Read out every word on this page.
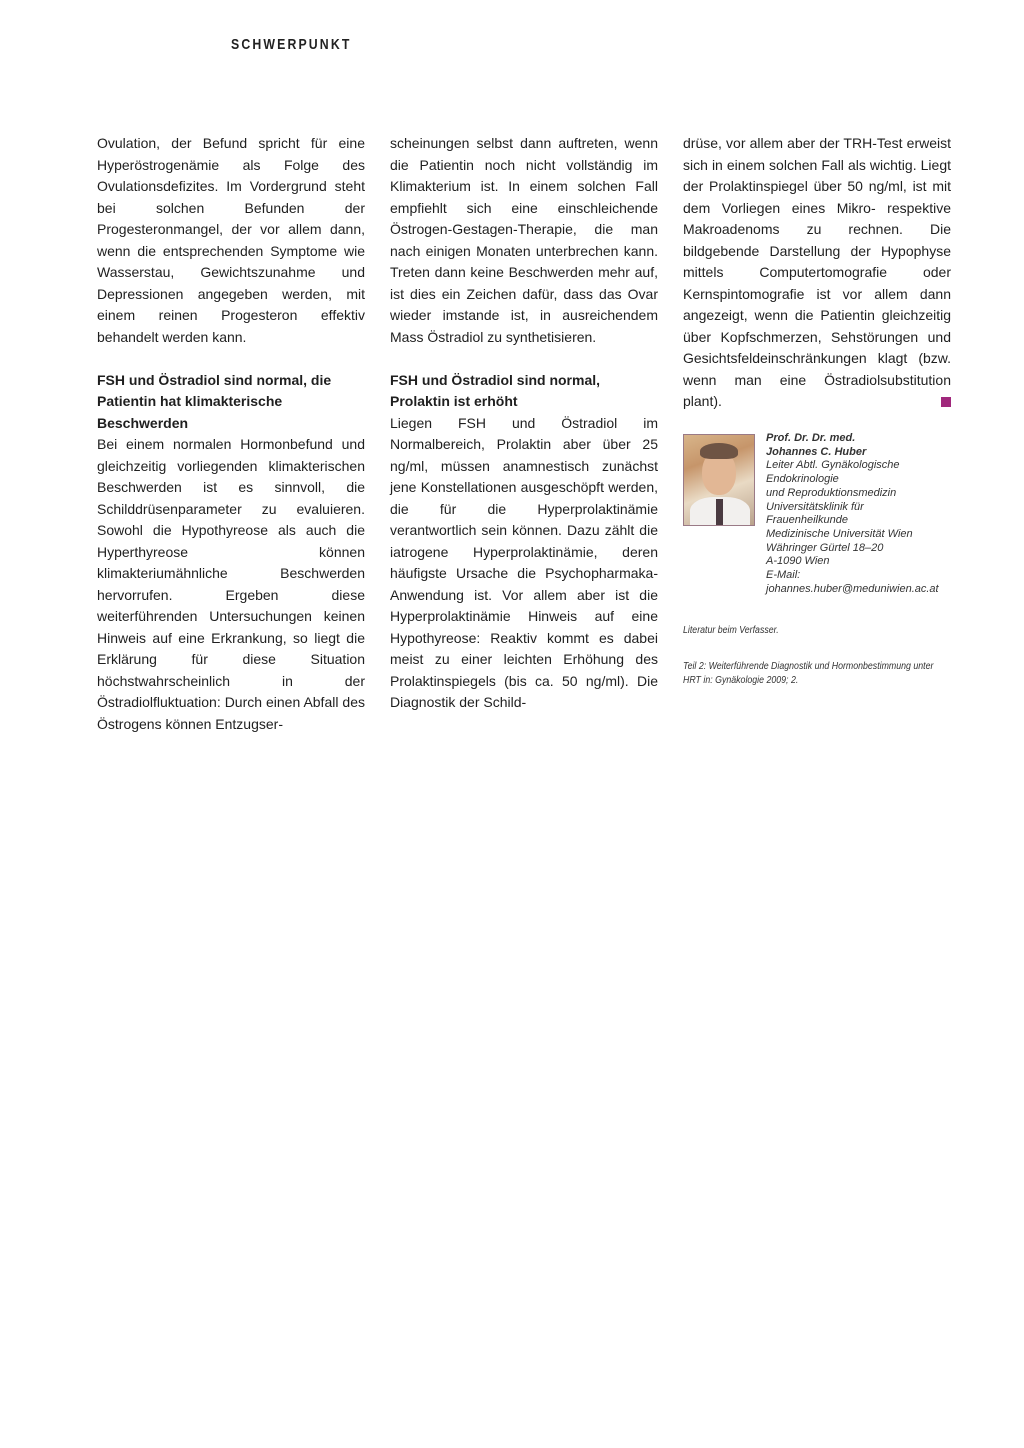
SCHWERPUNKT

Ovulation, der Befund spricht für eine Hyperöstrogenämie als Folge des Ovulationsdefizites. Im Vordergrund steht bei solchen Befunden der Progesteronmangel, der vor allem dann, wenn die entsprechenden Symptome wie Wasserstau, Gewichtszunahme und Depressionen angegeben werden, mit einem reinen Progesteron effektiv behandelt werden kann.

FSH und Östradiol sind normal, die Patientin hat klimakterische Beschwerden

Bei einem normalen Hormonbefund und gleichzeitig vorliegenden klimakterischen Beschwerden ist es sinnvoll, die Schilddrüsenparameter zu evaluieren. Sowohl die Hypothyreose als auch die Hyperthyreose können klimakteriumähnliche Beschwerden hervorrufen. Ergeben diese weiterführenden Untersuchungen keinen Hinweis auf eine Erkrankung, so liegt die Erklärung für diese Situation höchstwahrscheinlich in der Östradiolfluktuation: Durch einen Abfall des Östrogens können Entzugser-

scheinungen selbst dann auftreten, wenn die Patientin noch nicht vollständig im Klimakterium ist. In einem solchen Fall empfiehlt sich eine einschleichende Östrogen-Gestagen-Therapie, die man nach einigen Monaten unterbrechen kann. Treten dann keine Beschwerden mehr auf, ist dies ein Zeichen dafür, dass das Ovar wieder imstande ist, in ausreichendem Mass Östradiol zu synthetisieren.

FSH und Östradiol sind normal, Prolaktin ist erhöht

Liegen FSH und Östradiol im Normalbereich, Prolaktin aber über 25 ng/ml, müssen anamnestisch zunächst jene Konstellationen ausgeschöpft werden, die für die Hyperprolaktinämie verantwortlich sein können. Dazu zählt die iatrogene Hyperprolaktinämie, deren häufigste Ursache die Psychopharmaka-Anwendung ist. Vor allem aber ist die Hyperprolaktinämie Hinweis auf eine Hypothyreose: Reaktiv kommt es dabei meist zu einer leichten Erhöhung des Prolaktinspiegels (bis ca. 50 ng/ml). Die Diagnostik der Schild-

drüse, vor allem aber der TRH-Test erweist sich in einem solchen Fall als wichtig. Liegt der Prolaktinspiegel über 50 ng/ml, ist mit dem Vorliegen eines Mikro- respektive Makroadenoms zu rechnen. Die bildgebende Darstellung der Hypophyse mittels Computertomografie oder Kernspintomografie ist vor allem dann angezeigt, wenn die Patientin gleichzeitig über Kopfschmerzen, Sehstörungen und Gesichtsfeldeinschränkungen klagt (bzw. wenn man eine Östradiolsubstitution plant).

Prof. Dr. Dr. med.
Johannes C. Huber
Leiter Abtl. Gynäkologische
Endokrinologie
und Reproduktionsmedizin
Universitätsklinik für
Frauenheilkunde
Medizinische Universität Wien
Währinger Gürtel 18–20
A-1090 Wien
E-Mail:
johannes.huber@meduniwien.ac.at
Literatur beim Verfasser.
Teil 2: Weiterführende Diagnostik und Hormonbestimmung unter HRT in: Gynäkologie 2009; 2.
